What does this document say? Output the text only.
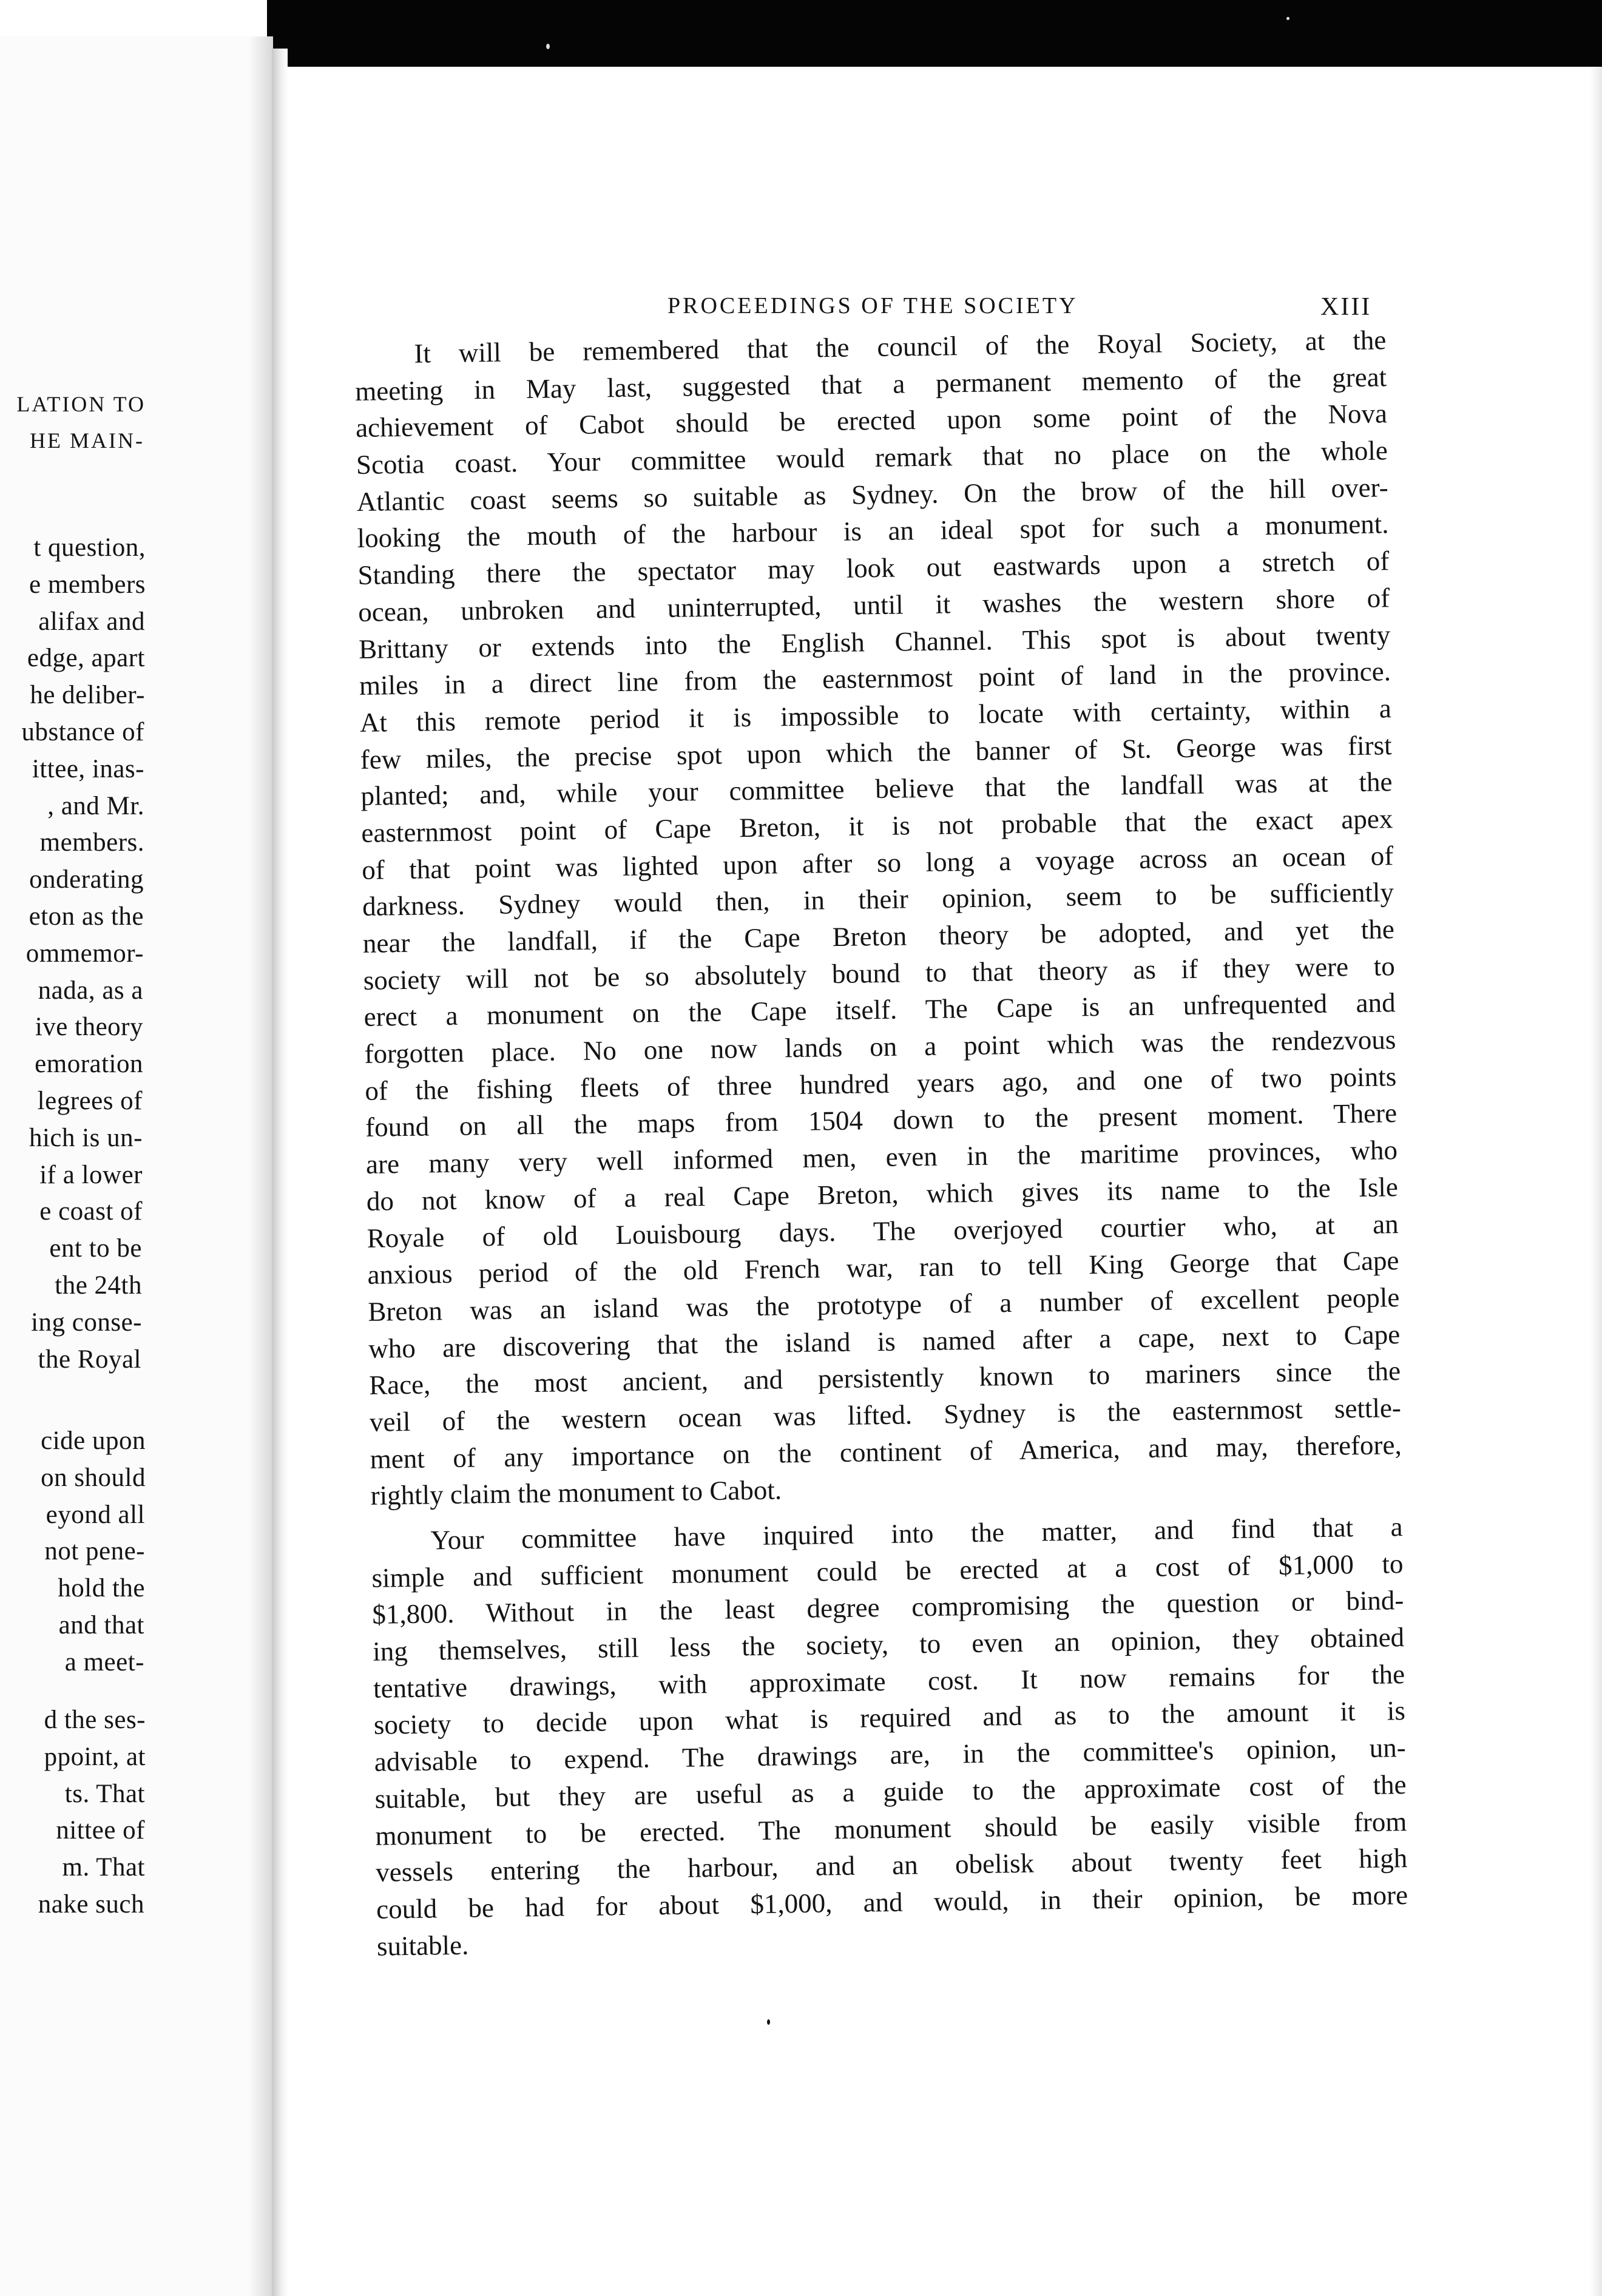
LATION TO
HE MAIN-
t question,
e members
alifax and
edge, apart
he deliber-
ubstance of
ittee, inas-
, and Mr.
members.
onderating
eton as the
ommemor-
nada, as a
ive theory
emoration
legrees of
hich is un-
if a lower
e coast of
ent to be
the 24th
ing conse-
the Royal
cide upon
on should
eyond all
not pene-
hold the
and that
a meet-
d the ses-
ppoint, at
ts. That
nittee of
m. That
nake such
PROCEEDINGS OF THE SOCIETY	XIII
It will be remembered that the council of the Royal Society, at the
meeting in May last, suggested that a permanent memento of the great
achievement of Cabot should be erected upon some point of the Nova
Scotia coast. Your committee would remark that no place on the whole
Atlantic coast seems so suitable as Sydney. On the brow of the hill over-
looking the mouth of the harbour is an ideal spot for such a monument.
Standing there the spectator may look out eastwards upon a stretch of
ocean, unbroken and uninterrupted, until it washes the western shore of
Brittany or extends into the English Channel. This spot is about twenty
miles in a direct line from the easternmost point of land in the province.
At this remote period it is impossible to locate with certainty, within a
few miles, the precise spot upon which the banner of St. George was first
planted; and, while your committee believe that the landfall was at the
easternmost point of Cape Breton, it is not probable that the exact apex
of that point was lighted upon after so long a voyage across an ocean of
darkness. Sydney would then, in their opinion, seem to be sufficiently
near the landfall, if the Cape Breton theory be adopted, and yet the
society will not be so absolutely bound to that theory as if they were to
erect a monument on the Cape itself. The Cape is an unfrequented and
forgotten place. No one now lands on a point which was the rendezvous
of the fishing fleets of three hundred years ago, and one of two points
found on all the maps from 1504 down to the present moment. There
are many very well informed men, even in the maritime provinces, who
do not know of a real Cape Breton, which gives its name to the Isle
Royale of old Louisbourg days. The overjoyed courtier who, at an
anxious period of the old French war, ran to tell King George that Cape
Breton was an island was the prototype of a number of excellent people
who are discovering that the island is named after a cape, next to Cape
Race, the most ancient, and persistently known to mariners since the
veil of the western ocean was lifted. Sydney is the easternmost settle-
ment of any importance on the continent of America, and may, therefore,
rightly claim the monument to Cabot.
Your committee have inquired into the matter, and find that a
simple and sufficient monument could be erected at a cost of $1,000 to
$1,800. Without in the least degree compromising the question or bind-
ing themselves, still less the society, to even an opinion, they obtained
tentative drawings, with approximate cost. It now remains for the
society to decide upon what is required and as to the amount it is
advisable to expend. The drawings are, in the committee's opinion, un-
suitable, but they are useful as a guide to the approximate cost of the
monument to be erected. The monument should be easily visible from
vessels entering the harbour, and an obelisk about twenty feet high
could be had for about $1,000, and would, in their opinion, be more
suitable.
